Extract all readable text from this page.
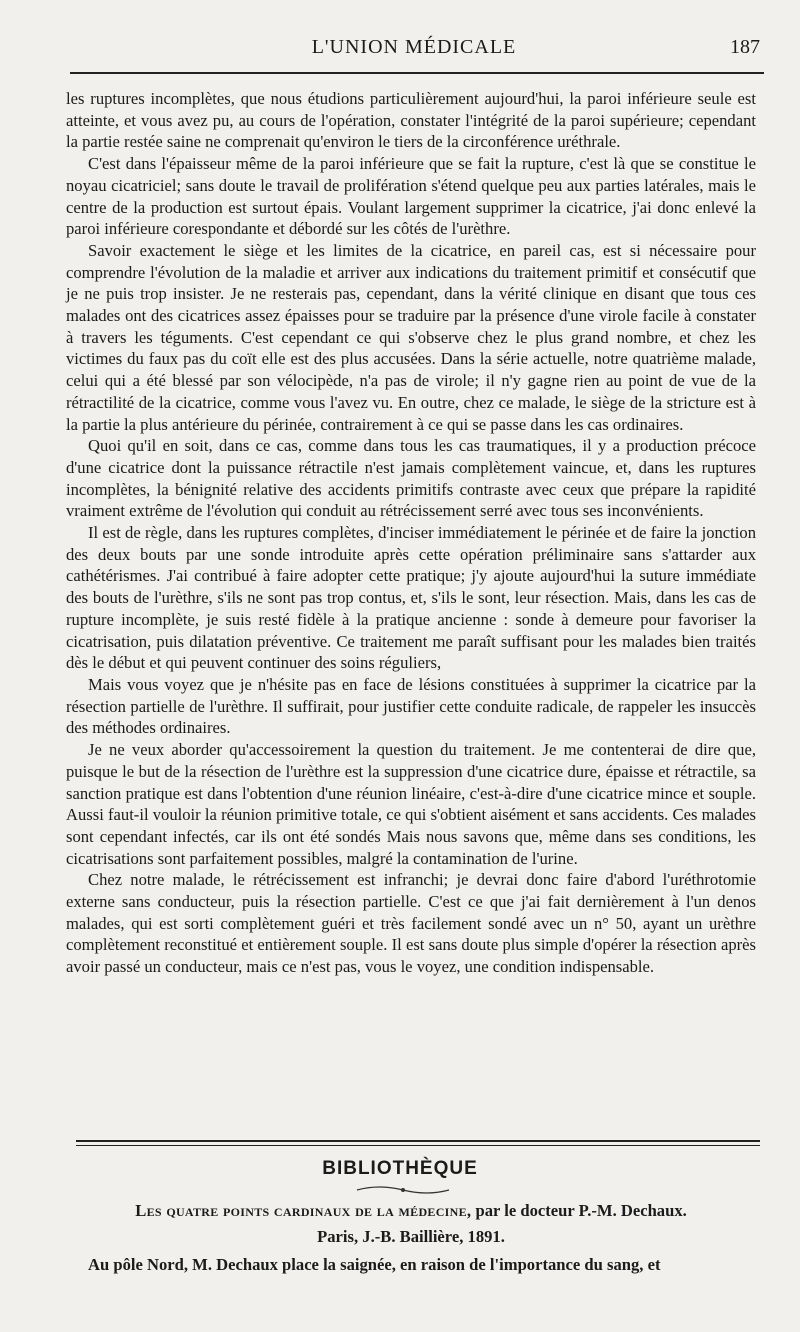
L'UNION MÉDICALE	187

les ruptures incomplètes, que nous étudions particulièrement aujourd'hui, la paroi inférieure seule est atteinte, et vous avez pu, au cours de l'opération, constater l'intégrité de la paroi supérieure; cependant la partie restée saine ne comprenait qu'environ le tiers de la circonférence uréthrale.

C'est dans l'épaisseur même de la paroi inférieure que se fait la rupture, c'est là que se constitue le noyau cicatriciel; sans doute le travail de prolifération s'étend quelque peu aux parties latérales, mais le centre de la production est surtout épais. Voulant largement supprimer la cicatrice, j'ai donc enlevé la paroi inférieure corespondante et débordé sur les côtés de l'urèthre.

Savoir exactement le siège et les limites de la cicatrice, en pareil cas, est si nécessaire pour comprendre l'évolution de la maladie et arriver aux indications du traitement primitif et consécutif que je ne puis trop insister. Je ne resterais pas, cependant, dans la vérité clinique en disant que tous ces malades ont des cicatrices assez épaisses pour se traduire par la présence d'une virole facile à constater à travers les téguments. C'est cependant ce qui s'observe chez le plus grand nombre, et chez les victimes du faux pas du coït elle est des plus accusées. Dans la série actuelle, notre quatrième malade, celui qui a été blessé par son vélocipède, n'a pas de virole; il n'y gagne rien au point de vue de la rétractilité de la cicatrice, comme vous l'avez vu. En outre, chez ce malade, le siège de la stricture est à la partie la plus antérieure du périnée, contrairement à ce qui se passe dans les cas ordinaires.

Quoi qu'il en soit, dans ce cas, comme dans tous les cas traumatiques, il y a production précoce d'une cicatrice dont la puissance rétractile n'est jamais complètement vaincue, et, dans les ruptures incomplètes, la bénignité relative des accidents primitifs contraste avec ceux que prépare la rapidité vraiment extrême de l'évolution qui conduit au rétrécissement serré avec tous ses inconvénients.

Il est de règle, dans les ruptures complètes, d'inciser immédiatement le périnée et de faire la jonction des deux bouts par une sonde introduite après cette opération préliminaire sans s'attarder aux cathétérismes. J'ai contribué à faire adopter cette pratique; j'y ajoute aujourd'hui la suture immédiate des bouts de l'urèthre, s'ils ne sont pas trop contus, et, s'ils le sont, leur résection. Mais, dans les cas de rupture incomplète, je suis resté fidèle à la pratique ancienne : sonde à demeure pour favoriser la cicatrisation, puis dilatation préventive. Ce traitement me paraît suffisant pour les malades bien traités dès le début et qui peuvent continuer des soins réguliers,

Mais vous voyez que je n'hésite pas en face de lésions constituées à supprimer la cicatrice par la résection partielle de l'urèthre. Il suffirait, pour justifier cette conduite radicale, de rappeler les insuccès des méthodes ordinaires.

Je ne veux aborder qu'accessoirement la question du traitement. Je me contenterai de dire que, puisque le but de la résection de l'urèthre est la suppression d'une cicatrice dure, épaisse et rétractile, sa sanction pratique est dans l'obtention d'une réunion linéaire, c'est-à-dire d'une cicatrice mince et souple. Aussi faut-il vouloir la réunion primitive totale, ce qui s'obtient aisément et sans accidents. Ces malades sont cependant infectés, car ils ont été sondés Mais nous savons que, même dans ses conditions, les cicatrisations sont parfaitement possibles, malgré la contamination de l'urine.

Chez notre malade, le rétrécissement est infranchi; je devrai donc faire d'abord l'uréthrotomie externe sans conducteur, puis la résection partielle. C'est ce que j'ai fait dernièrement à l'un denos malades, qui est sorti complètement guéri et très facilement sondé avec un n° 50, ayant un urèthre complètement reconstitué et entièrement souple. Il est sans doute plus simple d'opérer la résection après avoir passé un conducteur, mais ce n'est pas, vous le voyez, une condition indispensable.

BIBLIOTHÈQUE
Les quatre points cardinaux de la médecine, par le docteur P.-M. Dechaux.
Paris, J.-B. Baillière, 1891.
Au pôle Nord, M. Dechaux place la saignée, en raison de l'importance du sang, et
